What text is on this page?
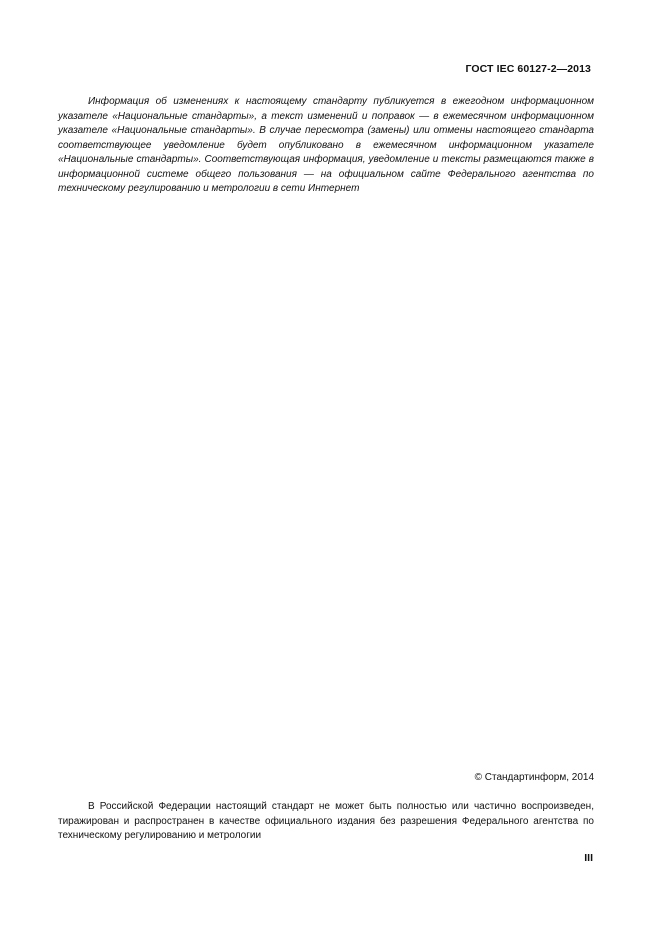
ГОСТ IEC 60127-2—2013

Информация об изменениях к настоящему стандарту публикуется в ежегодном информационном указателе «Национальные стандарты», а текст изменений и поправок — в ежемесячном информационном указателе «Национальные стандарты». В случае пересмотра (замены) или отмены настоящего стандарта соответствующее уведомление будет опубликовано в ежемесячном информационном указателе «Национальные стандарты». Соответствующая информация, уведомление и тексты размещаются также в информационной системе общего пользования — на официальном сайте Федерального агентства по техническому регулированию и метрологии в сети Интернет

© Стандартинформ, 2014

В Российской Федерации настоящий стандарт не может быть полностью или частично воспроизведен, тиражирован и распространен в качестве официального издания без разрешения Федерального агентства по техническому регулированию и метрологии

III
